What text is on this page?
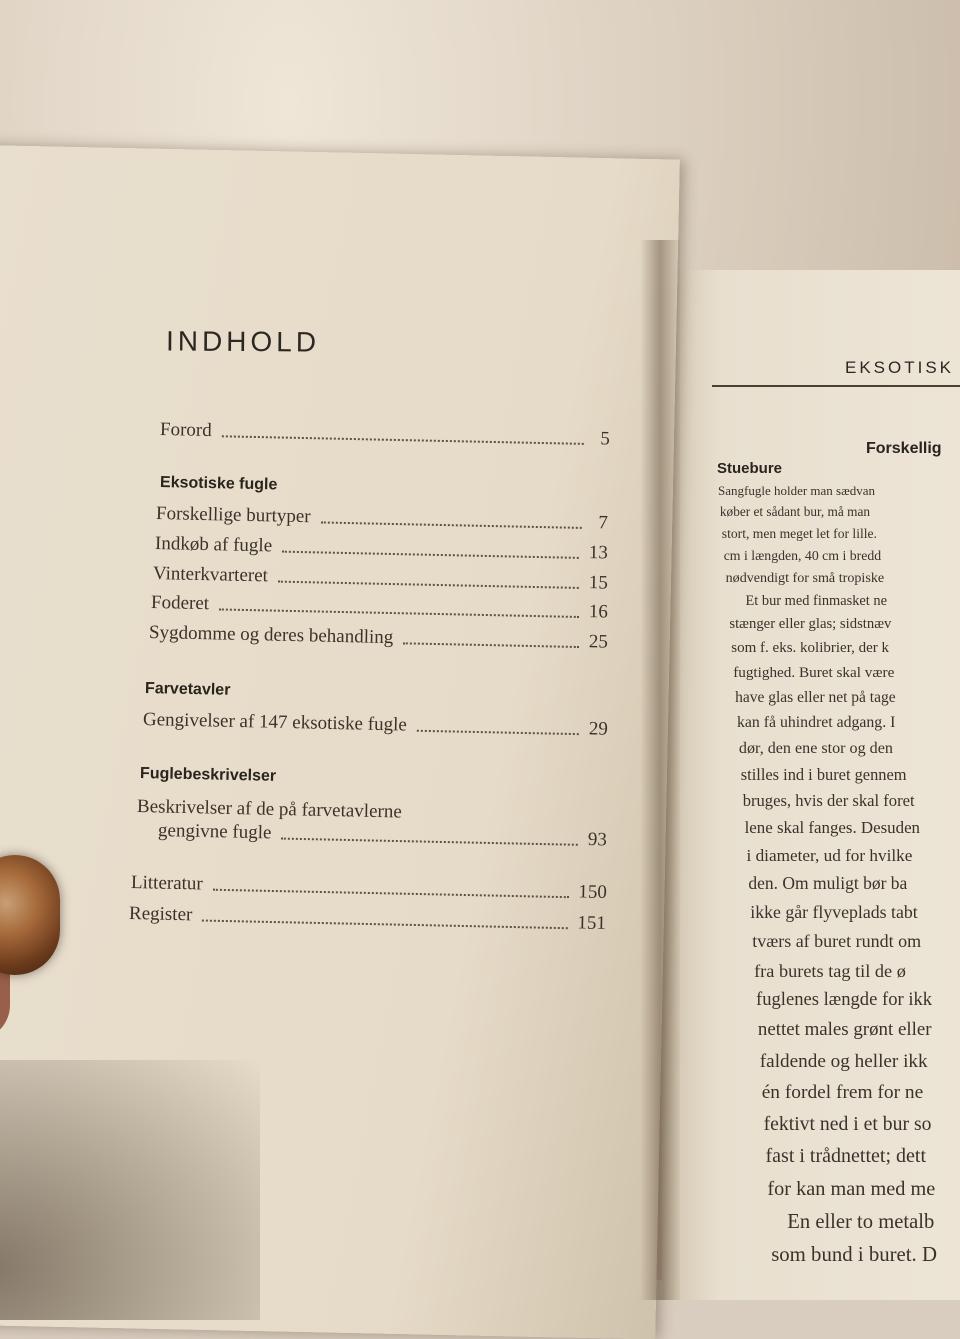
INDHOLD
Forord	5
Eksotiske fugle
Forskellige burtyper	7
Indkøb af fugle	13
Vinterkvarteret	15
Foderet	16
Sygdomme og deres behandling	25
Farvetavler
Gengivelser af 147 eksotiske fugle	29
Fuglebeskrivelser
Beskrivelser af de på farvetavlerne
gengivne fugle	93
Litteratur	150
Register	151
EKSOTISK
Forskellig
Stuebure
Sangfugle holder man sædvan
køber et sådant bur, må man
stort, men meget let for lille.
cm i længden, 40 cm i bredd
nødvendigt for små tropiske
Et bur med finmasket ne
stænger eller glas; sidstnæv
som f. eks. kolibrier, der k
fugtighed. Buret skal være
have glas eller net på tage
kan få uhindret adgang. I
dør, den ene stor og den
stilles ind i buret gennem
bruges, hvis der skal foret
lene skal fanges. Desuden
i diameter, ud for hvilke
den. Om muligt bør ba
ikke går flyveplads tabt
tværs af buret rundt om
fra burets tag til de ø
fuglenes længde for ikk
nettet males grønt eller
faldende og heller ikk
én fordel frem for ne
fektivt ned i et bur so
fast i trådnettet; dett
for kan man med me
En eller to metalb
som bund i buret. D
